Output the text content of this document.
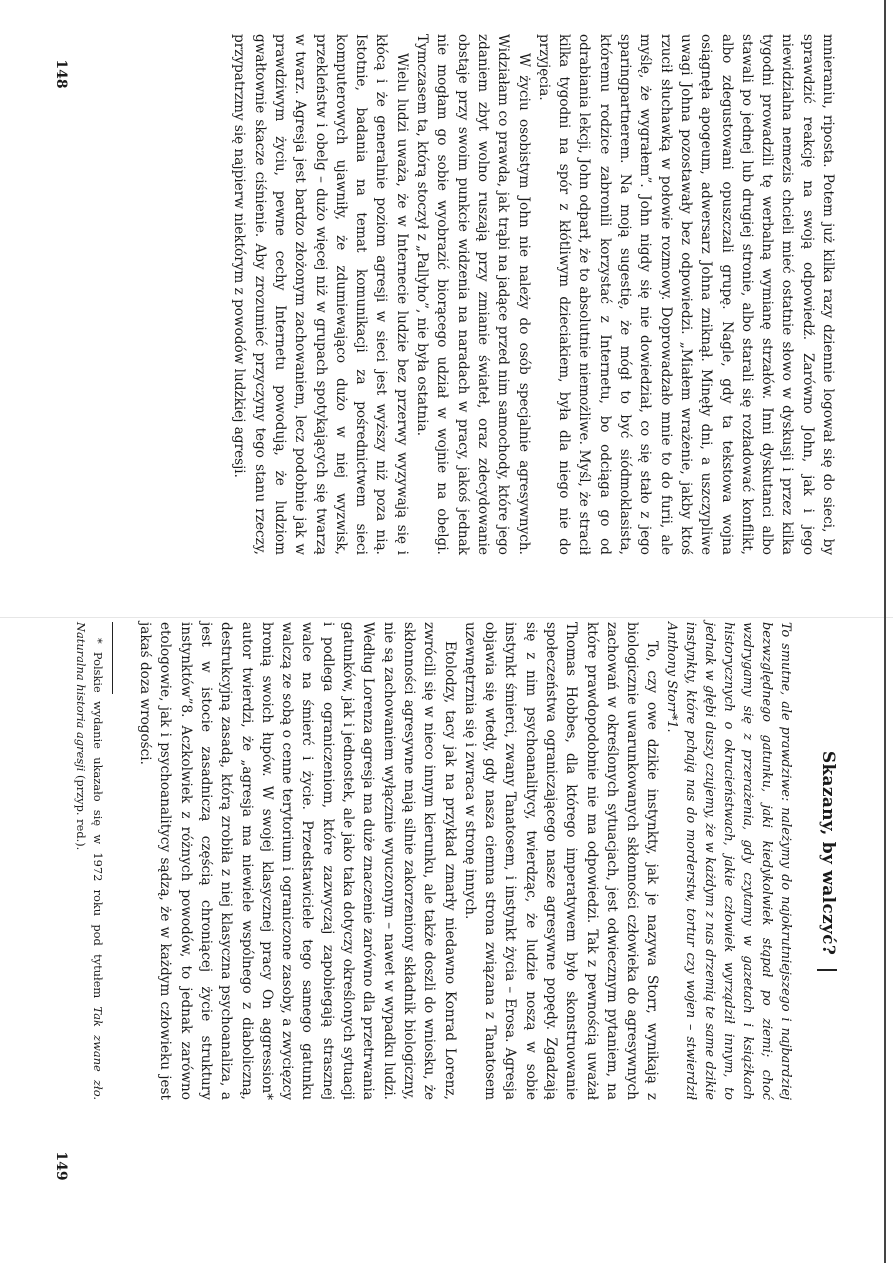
mnieraniu, riposta. Potem już kilka razy dziennie logował się do sieci, by sprawdzić reakcję na swoją odpowiedź. Zarówno John, jak i jego niewidzialna nemezis chcieli mieć ostatnie słowo w dyskusji i przez kilka tygodni prowadzili tę werbalną wymianę strzałów. Inni dyskutanci albo stawali po jednej lub drugiej stronie, albo starali się rozładować konflikt, albo zdegustowani opuszczali grupę. Nagle, gdy ta tekstowa wojna osiągnęła apogeum, adwersarz Johna zniknął. Minęły dni, a uszczypliwe uwagi Johna pozostawały bez odpowiedzi. „Miałem wrażenie, jakby ktoś rzucił słuchawką w połowie rozmowy. Doprowadzało mnie to do furii, ale myślę, że wygrałem”. John nigdy się nie dowiedział, co się stało z jego sparingpartnerem. Na moją sugestię, że mógł to być siódmoklasista, któremu rodzice zabronili korzystać z Internetu, bo odciąga go od odrabiania lekcji, John odparł, że to absolutnie niemożliwe. Myśl, że stracił kilka tygodni na spór z kłótliwym dzieciakiem, była dla niego nie do przyjęcia.

W życiu osobistym John nie należy do osób specjalnie agresywnych. Widziałam co prawda, jak trąbi na jadące przed nim samochody, które jego zdaniem zbyt wolno ruszają przy zmianie świateł, oraz zdecydowanie obstaje przy swoim punkcie widzenia na naradach w pracy, jakoś jednak nie mogłam go sobie wyobrazić biorącego udział w wojnie na obelgi. Tymczasem ta, którą stoczył z „Pallyho”, nie była ostatnia.

Wielu ludzi uważa, że w Internecie ludzie bez przerwy wyzywają się i kłócą i że generalnie poziom agresji w sieci jest wyższy niż poza nią. Istotnie, badania na temat komunikacji za pośrednictwem sieci komputerowych ujawniły, że zdumiewająco dużo w niej wyzwisk, przekleństw i obelg – dużo więcej niż w grupach spotykających się twarzą w twarz. Agresja jest bardzo złożonym zachowaniem, lecz podobnie jak w prawdziwym życiu, pewne cechy Internetu powodują, że ludziom gwałtownie skacze ciśnienie. Aby zrozumieć przyczyny tego stanu rzeczy, przypatrzmy się najpierw niektórym z powodów ludzkiej agresji.

Skazany, by walczyć?

To smutne, ale prawdziwe: należymy do najokrutniejszego i najbardziej bezwzględnego gatunku, jaki kiedykolwiek stąpał po ziemi; choć wzdrygamy się z przerażenia, gdy czytamy w gazetach i książkach historycznych o okrucieństwach, jakie człowiek wyrządził innym, to jednak w głębi duszy czujemy, że w każdym z nas drzemią te same dzikie instynkty, które pchają nas do morderstw, tortur czy wojen – stwierdził Anthony Storr*1.

To, czy owe dzikie instynkty, jak je nazywa Storr, wynikają z biologicznie uwarunkowanych skłonności człowieka do agresywnych zachowań w określonych sytuacjach, jest odwiecznym pytaniem, na które prawdopodobnie nie ma odpowiedzi. Tak z pewnością uważał Thomas Hobbes, dla którego imperatywem było skonstruowanie społeczeństwa ograniczającego nasze agresywne popędy. Zgadzają się z nim psychoanalitycy, twierdząc, że ludzie noszą w sobie instynkt śmierci, zwany Tanatosem, i instynkt życia – Erosa. Agresja objawia się wtedy, gdy nasza ciemna strona związana z Tanatosem uzewnętrznia się i zwraca w stronę innych.

Etolodzy, tacy jak na przykład zmarły niedawno Konrad Lorenz, zwrócili się w nieco innym kierunku, ale także doszli do wniosku, że skłonności agresywne mają silnie zakorzeniony składnik biologiczny, nie są zachowaniem wyłącznie wyuczonym – nawet w wypadku ludzi. Według Lorenza agresja ma duże znaczenie zarówno dla przetrwania gatunków, jak i jednostek, ale jako taka dotyczy określonych sytuacji i podlega ograniczeniom, które zazwyczaj zapobiegają strasznej walce na śmierć i życie. Przedstawiciele tego samego gatunku walczą ze sobą o cenne terytorium i ograniczone zasoby, a zwycięzcy bronią swoich łupów. W swojej klasycznej pracy On aggression* autor twierdzi, że „agresja ma niewiele wspólnego z diaboliczną, destrukcyjną zasadą, którą zrobiła z niej klasyczna psychoanaliza, a jest w istocie zasadniczą częścią chroniącej życie struktury instynktów”8. Aczkolwiek z różnych powodów, to jednak zarówno etologowie, jak i psychoanalitycy sądzą, że w każdym człowieku jest jakaś doza wrogości.

* Polskie wydanie ukazało się w 1972 roku pod tytułem Tak zwane zło. Naturalna historia agresji (przyp. red.).

148
149
